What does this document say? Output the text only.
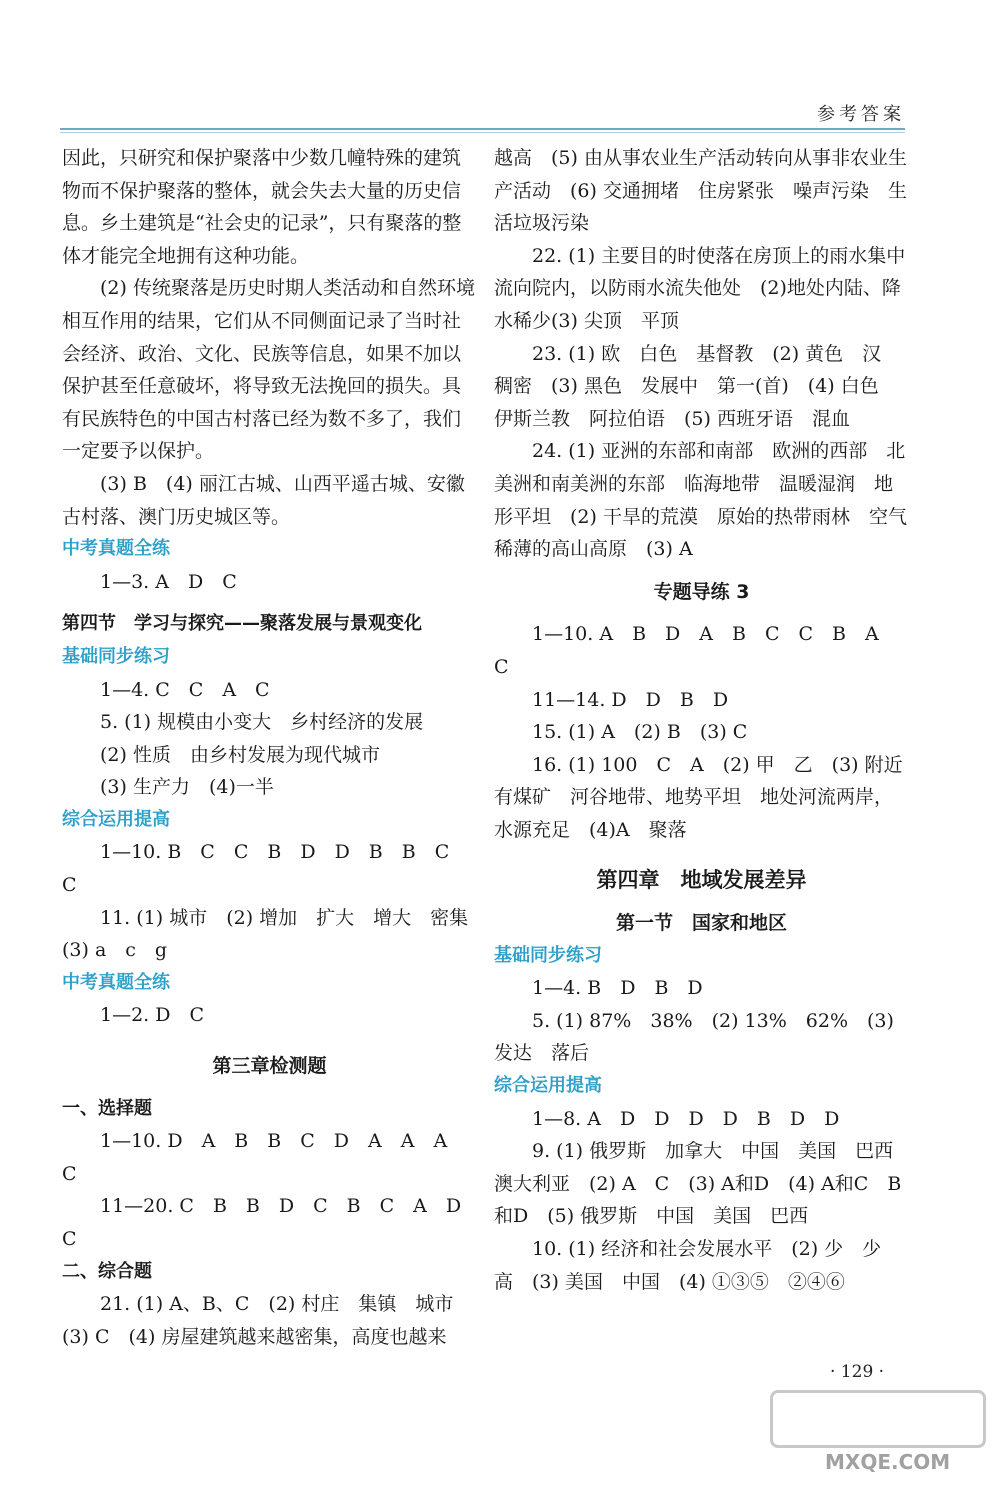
参考答案

因此，只研究和保护聚落中少数几幢特殊的建筑物而不保护聚落的整体，就会失去大量的历史信息。乡土建筑是“社会史的记录”，只有聚落的整体才能完全地拥有这种功能。

(2) 传统聚落是历史时期人类活动和自然环境相互作用的结果，它们从不同侧面记录了当时社会经济、政治、文化、民族等信息，如果不加以保护甚至任意破坏，将导致无法挽回的损失。具有民族特色的中国古村落已经为数不多了，我们一定要予以保护。

(3) B　(4) 丽江古城、山西平遥古城、安徽古村落、澳门历史城区等。

中考真题全练

1—3. A　D　C

第四节　学习与探究——聚落发展与景观变化

基础同步练习

1—4. C　C　A　C

5. (1) 规模由小变大　乡村经济的发展

(2) 性质　由乡村发展为现代城市

(3) 生产力　(4)一半

综合运用提高

1—10. B　C　C　B　D　D　B　B　C　C

11. (1) 城市　(2) 增加　扩大　增大　密集　(3) a　c　g

中考真题全练

1—2. D　C

第三章检测题

一、选择题

1—10. D　A　B　B　C　D　A　A　A　C

11—20. C　B　B　D　C　B　C　A　D　C

二、综合题

21. (1) A、B、C　(2) 村庄　集镇　城市　(3) C　(4) 房屋建筑越来越密集，高度也越来

越高　(5) 由从事农业生产活动转向从事非农业生产活动　(6) 交通拥堵　住房紧张　噪声污染　生活垃圾污染

22. (1) 主要目的时使落在房顶上的雨水集中流向院内，以防雨水流失他处　(2)地处内陆、降水稀少(3) 尖顶　平顶

23. (1) 欧　白色　基督教　(2) 黄色　汉　稠密　(3) 黑色　发展中　第一(首)　(4) 白色　伊斯兰教　阿拉伯语　(5) 西班牙语　混血

24. (1) 亚洲的东部和南部　欧洲的西部　北美洲和南美洲的东部　临海地带　温暖湿润　地形平坦　(2) 干旱的荒漠　原始的热带雨林　空气稀薄的高山高原　(3) A

专题导练 3

1—10. A　B　D　A　B　C　C　B　A　C

11—14. D　D　B　D

15. (1) A　(2) B　(3) C

16. (1) 100　C　A　(2) 甲　乙　(3) 附近有煤矿　河谷地带、地势平坦　地处河流两岸，水源充足　(4)A　聚落

第四章　地域发展差异

第一节　国家和地区

基础同步练习

1—4. B　D　B　D

5. (1) 87%　38%　(2) 13%　62%　(3) 发达　落后

综合运用提高

1—8. A　D　D　D　D　B　D　D

9. (1) 俄罗斯　加拿大　中国　美国　巴西　澳大利亚　(2) A　C　(3) A和D　(4) A和C　B和D　(5) 俄罗斯　中国　美国　巴西

10. (1) 经济和社会发展水平　(2) 少　少　高　(3) 美国　中国　(4) ①③⑤　②④⑥

· 129 ·
MXQE.COM
